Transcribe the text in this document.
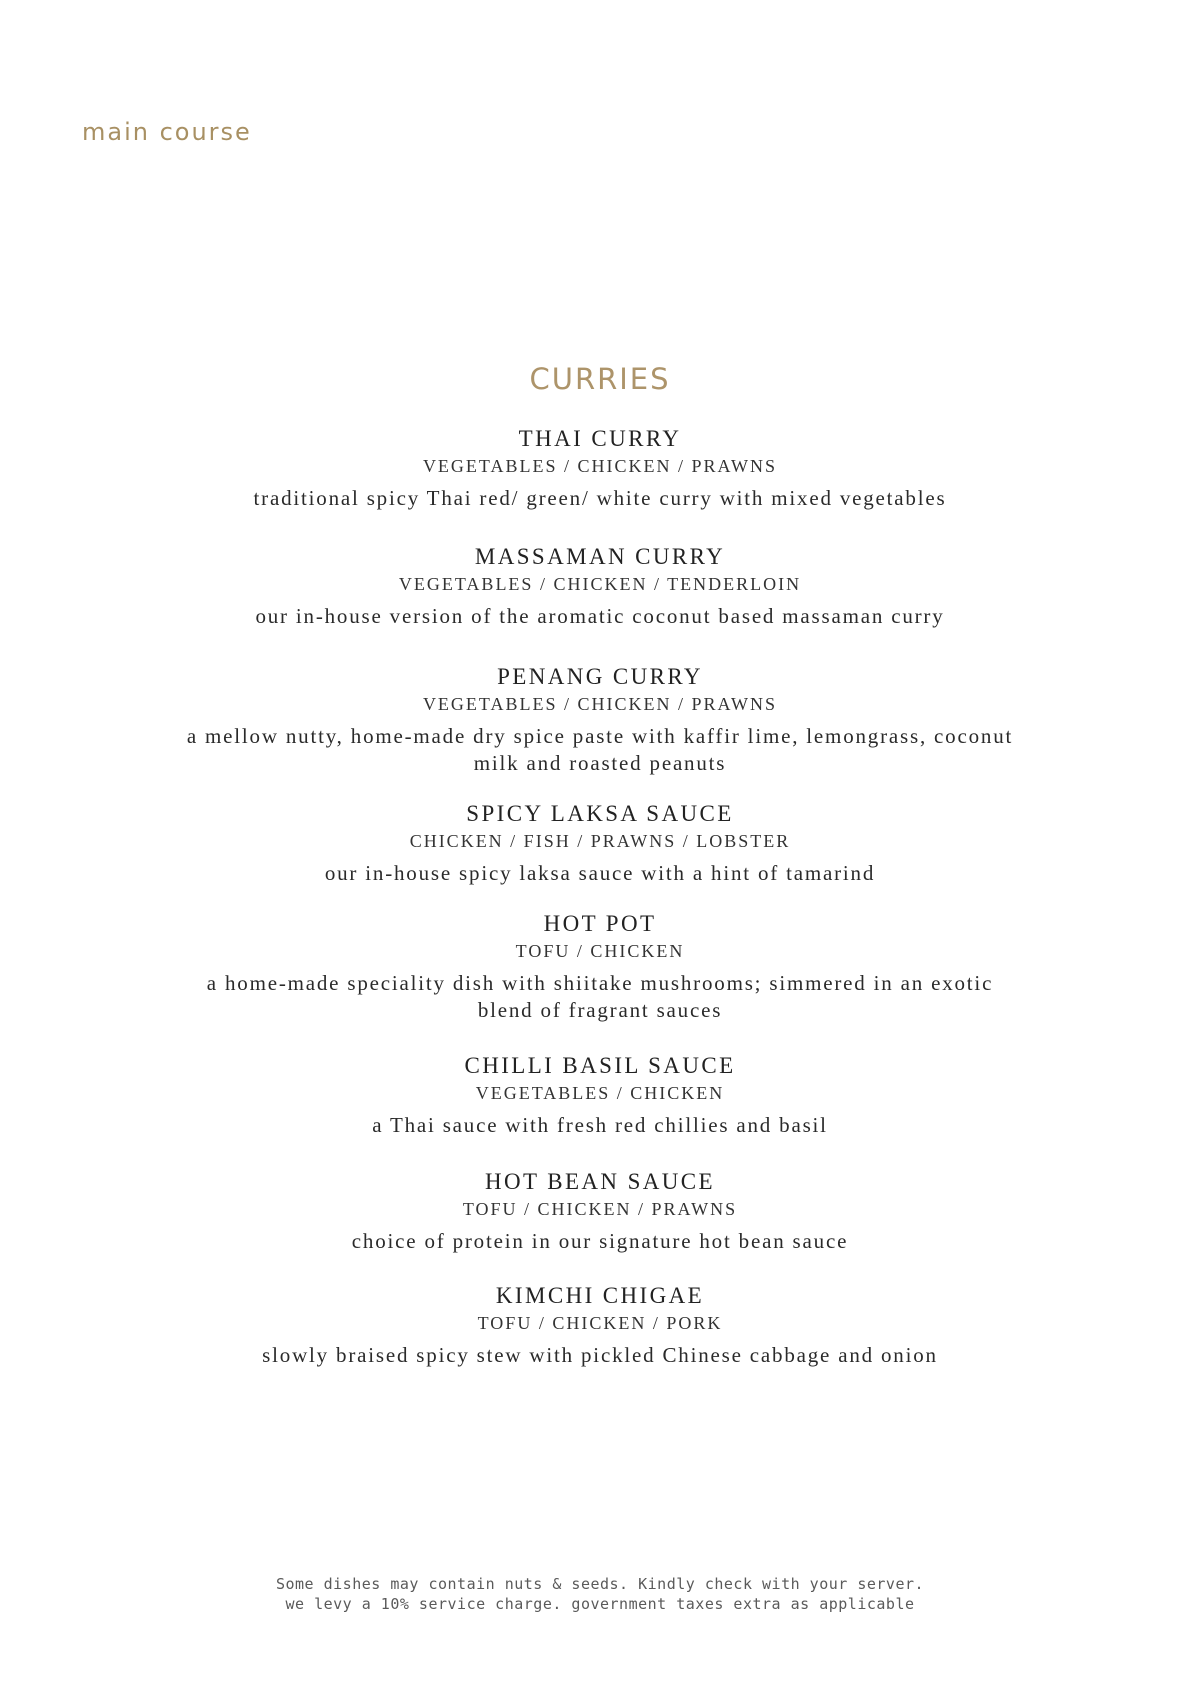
main course
CURRIES
THAI CURRY
VEGETABLES / CHICKEN / PRAWNS
traditional spicy Thai red/ green/ white curry with mixed vegetables
MASSAMAN CURRY
VEGETABLES / CHICKEN / TENDERLOIN
our in-house version of the aromatic coconut based massaman curry
PENANG CURRY
VEGETABLES / CHICKEN / PRAWNS
a mellow nutty, home-made dry spice paste with kaffir lime, lemongrass, coconut milk and roasted peanuts
SPICY LAKSA SAUCE
CHICKEN / FISH / PRAWNS / LOBSTER
our in-house spicy laksa sauce with a hint of tamarind
HOT POT
TOFU / CHICKEN
a home-made speciality dish with shiitake mushrooms; simmered in an exotic blend of fragrant sauces
CHILLI BASIL SAUCE
VEGETABLES / CHICKEN
a Thai sauce with fresh red chillies and basil
HOT BEAN SAUCE
TOFU / CHICKEN / PRAWNS
choice of protein in our signature hot bean sauce
KIMCHI CHIGAE
TOFU / CHICKEN / PORK
slowly braised spicy stew with pickled Chinese cabbage and onion
Some dishes may contain nuts & seeds. Kindly check with your server.
we levy a 10% service charge. government taxes extra as applicable
